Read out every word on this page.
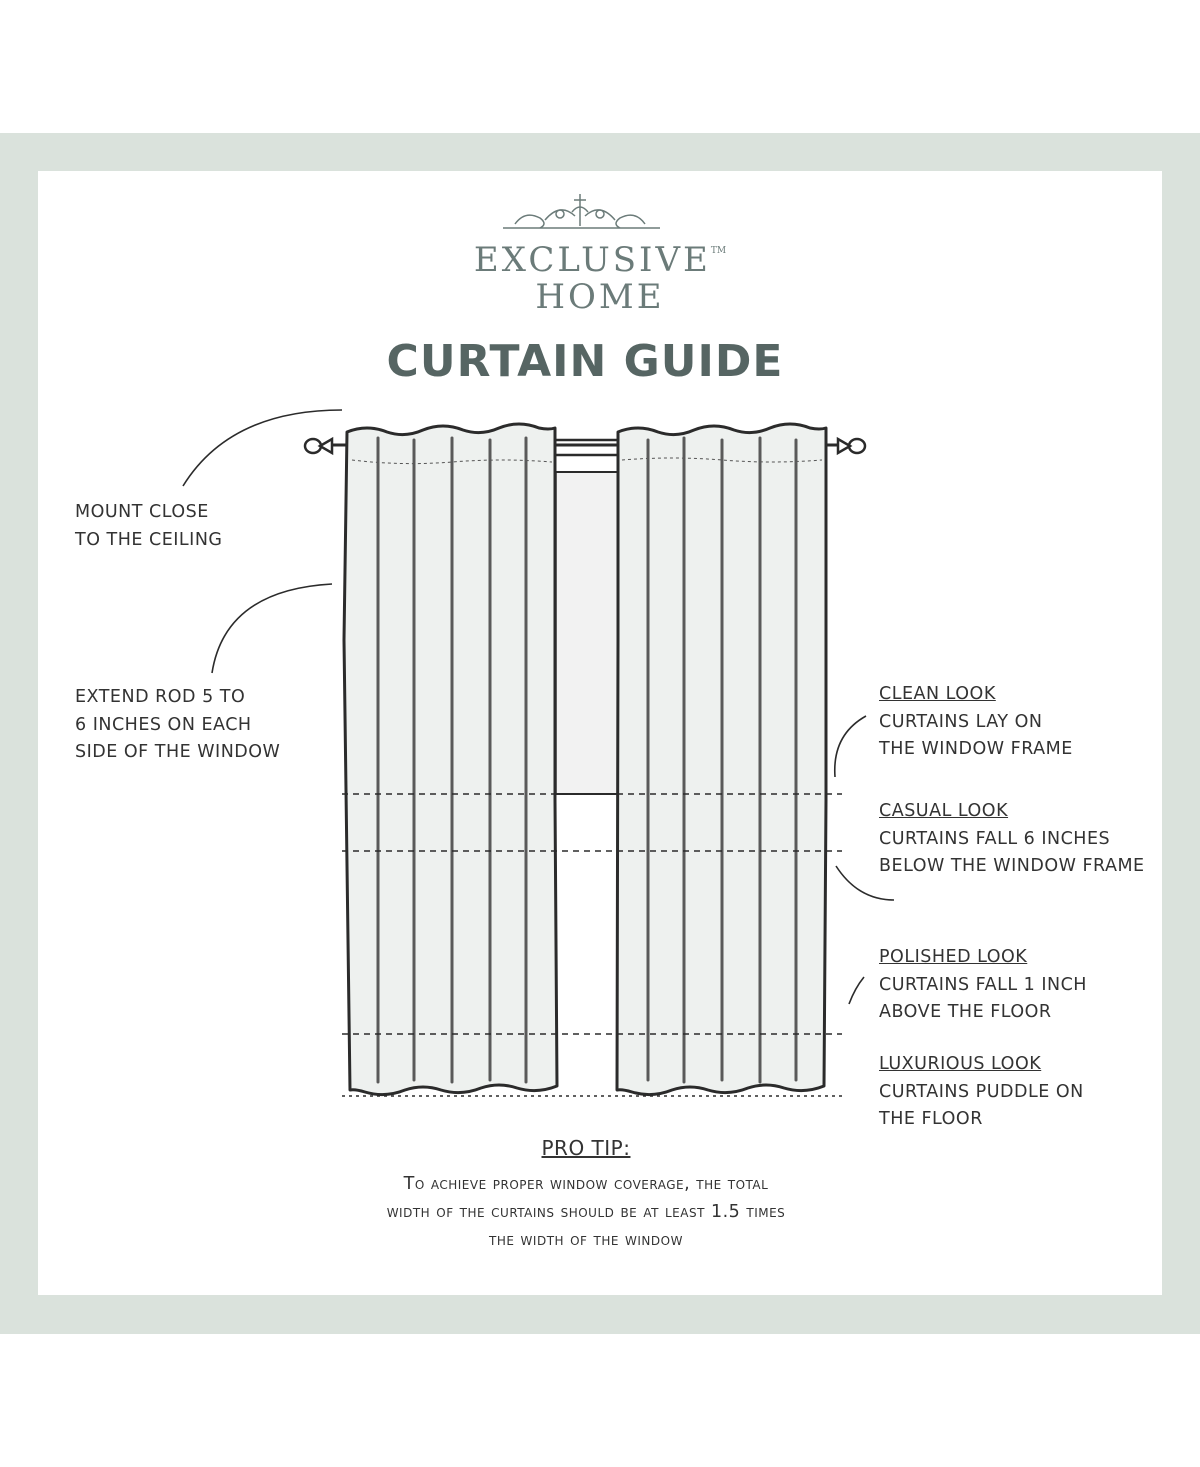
EXCLUSIVE™
HOME
CURTAIN GUIDE
MOUNT CLOSE
TO THE CEILING
EXTEND ROD 5 TO
6 INCHES ON EACH
SIDE OF THE WINDOW
CLEAN LOOK
CURTAINS LAY ON
THE WINDOW FRAME
CASUAL LOOK
CURTAINS FALL 6 INCHES
BELOW THE WINDOW FRAME
POLISHED LOOK
CURTAINS FALL 1 INCH
ABOVE THE FLOOR
LUXURIOUS LOOK
CURTAINS PUDDLE ON
THE FLOOR
PRO TIP:
To achieve proper window coverage, the total
width of the curtains should be at least 1.5 times
the width of the window
